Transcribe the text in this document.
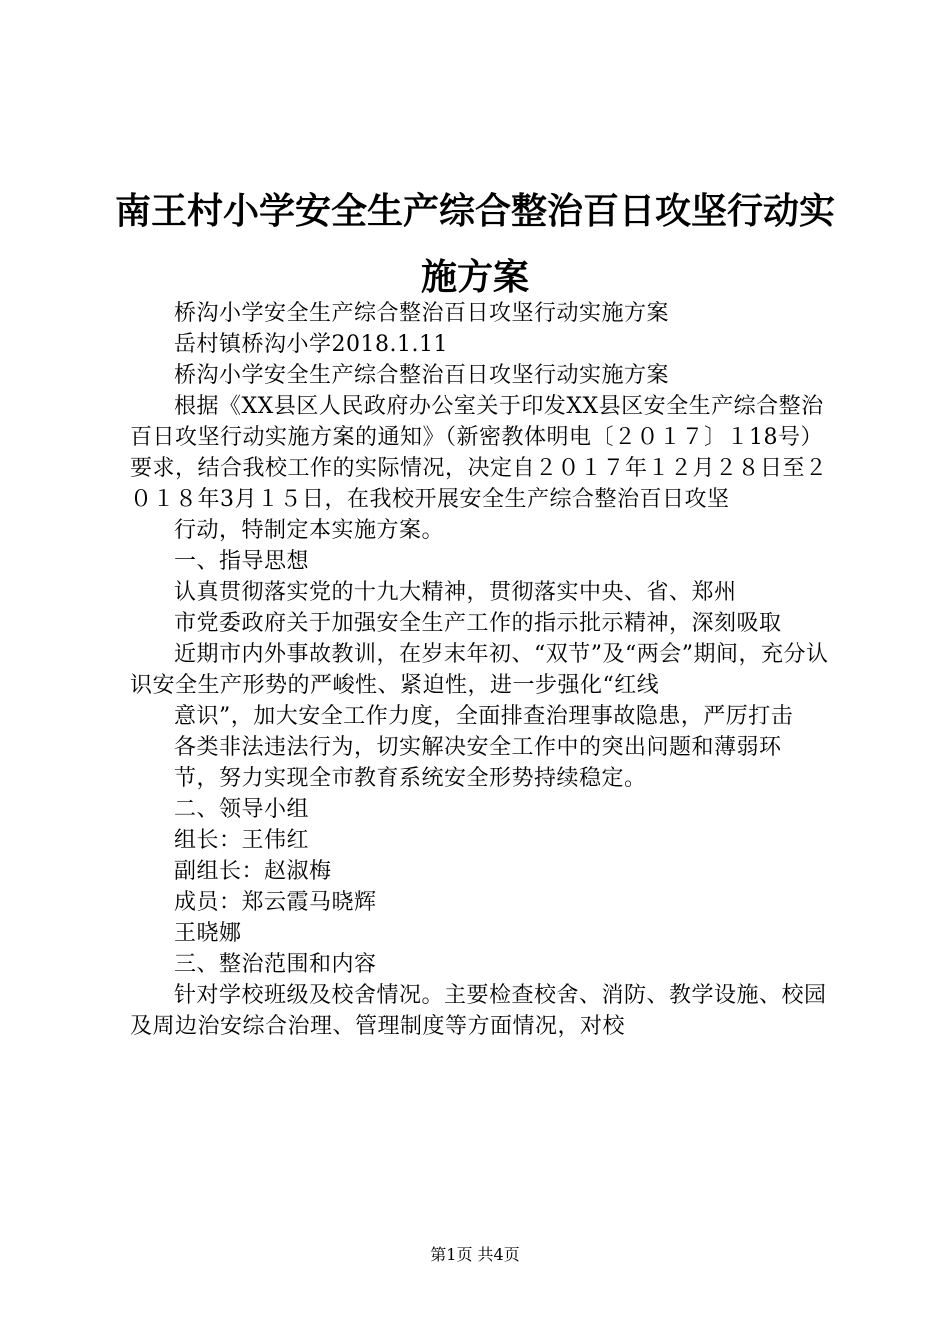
南王村小学安全生产综合整治百日攻坚行动实施方案

桥沟小学安全生产综合整治百日攻坚行动实施方案

岳村镇桥沟小学2018.1.11

桥沟小学安全生产综合整治百日攻坚行动实施方案

根据《XX县区人民政府办公室关于印发XX县区安全生产综合整治百日攻坚行动实施方案的通知》（新密教体明电〔２０１７〕１18号）要求，结合我校工作的实际情况，决定自２０１７年１２月２８日至２０１８年3月１５日，在我校开展安全生产综合整治百日攻坚

行动，特制定本实施方案。

一、指导思想

认真贯彻落实党的十九大精神，贯彻落实中央、省、郑州

市党委政府关于加强安全生产工作的指示批示精神，深刻吸取

近期市内外事故教训，在岁末年初、“双节”及“两会”期间，充分认识安全生产形势的严峻性、紧迫性，进一步强化“红线

意识”，加大安全工作力度，全面排查治理事故隐患，严厉打击

各类非法违法行为，切实解决安全工作中的突出问题和薄弱环

节，努力实现全市教育系统安全形势持续稳定。

二、领导小组

组长：王伟红

副组长：赵淑梅

成员：郑云霞马晓辉

王晓娜

三、整治范围和内容

针对学校班级及校舍情况。主要检查校舍、消防、教学设施、校园及周边治安综合治理、管理制度等方面情况，对校

第1页 共4页
